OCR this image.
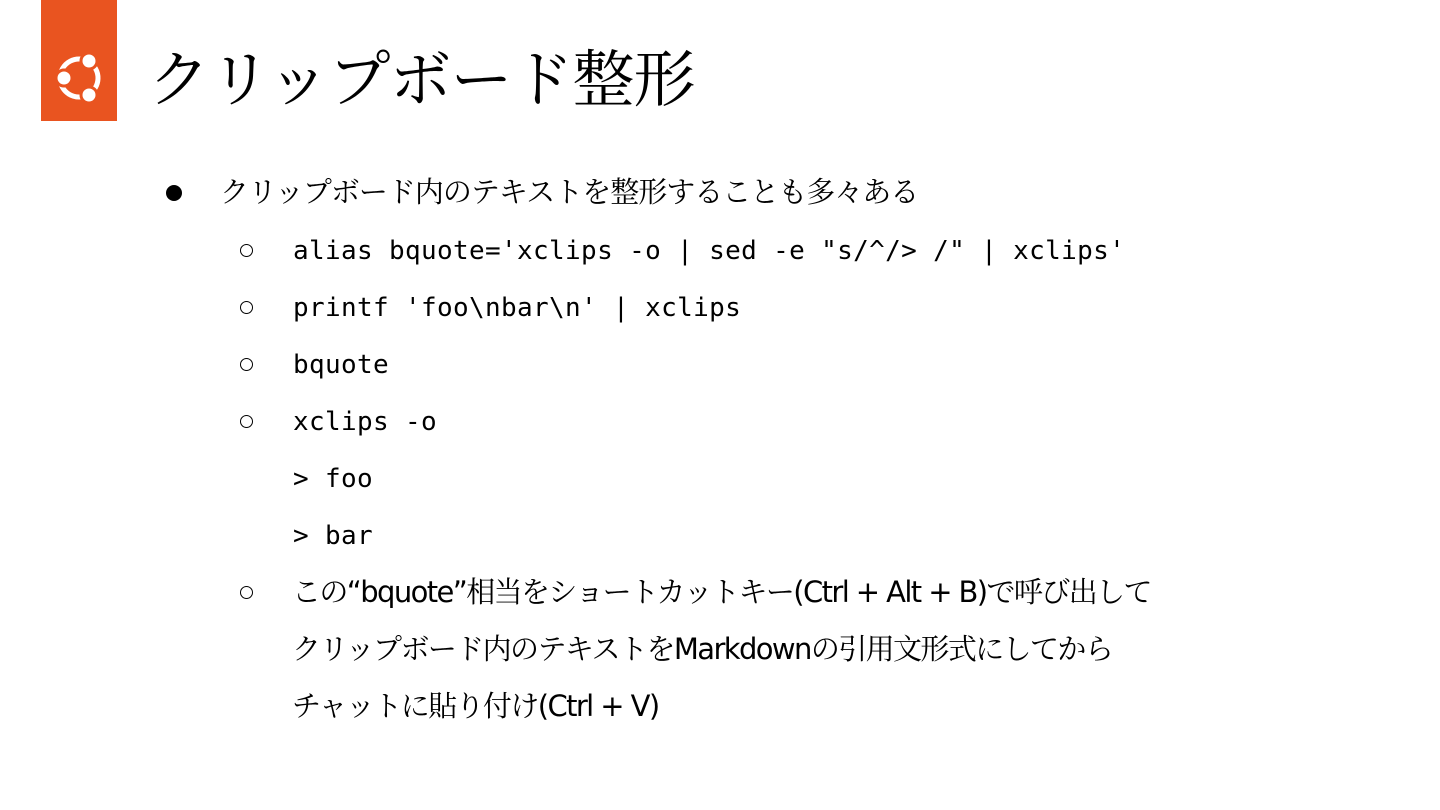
クリップボード整形
クリップボード内のテキストを整形することも多々ある
alias bquote='xclips -o | sed -e "s/^/> /" | xclips'
printf 'foo\nbar\n' | xclips
bquote
xclips -o
> foo
> bar
この“bquote”相当をショートカットキー(Ctrl + Alt + B)で呼び出して
クリップボード内のテキストをMarkdownの引用文形式にしてから
チャットに貼り付け(Ctrl + V)
